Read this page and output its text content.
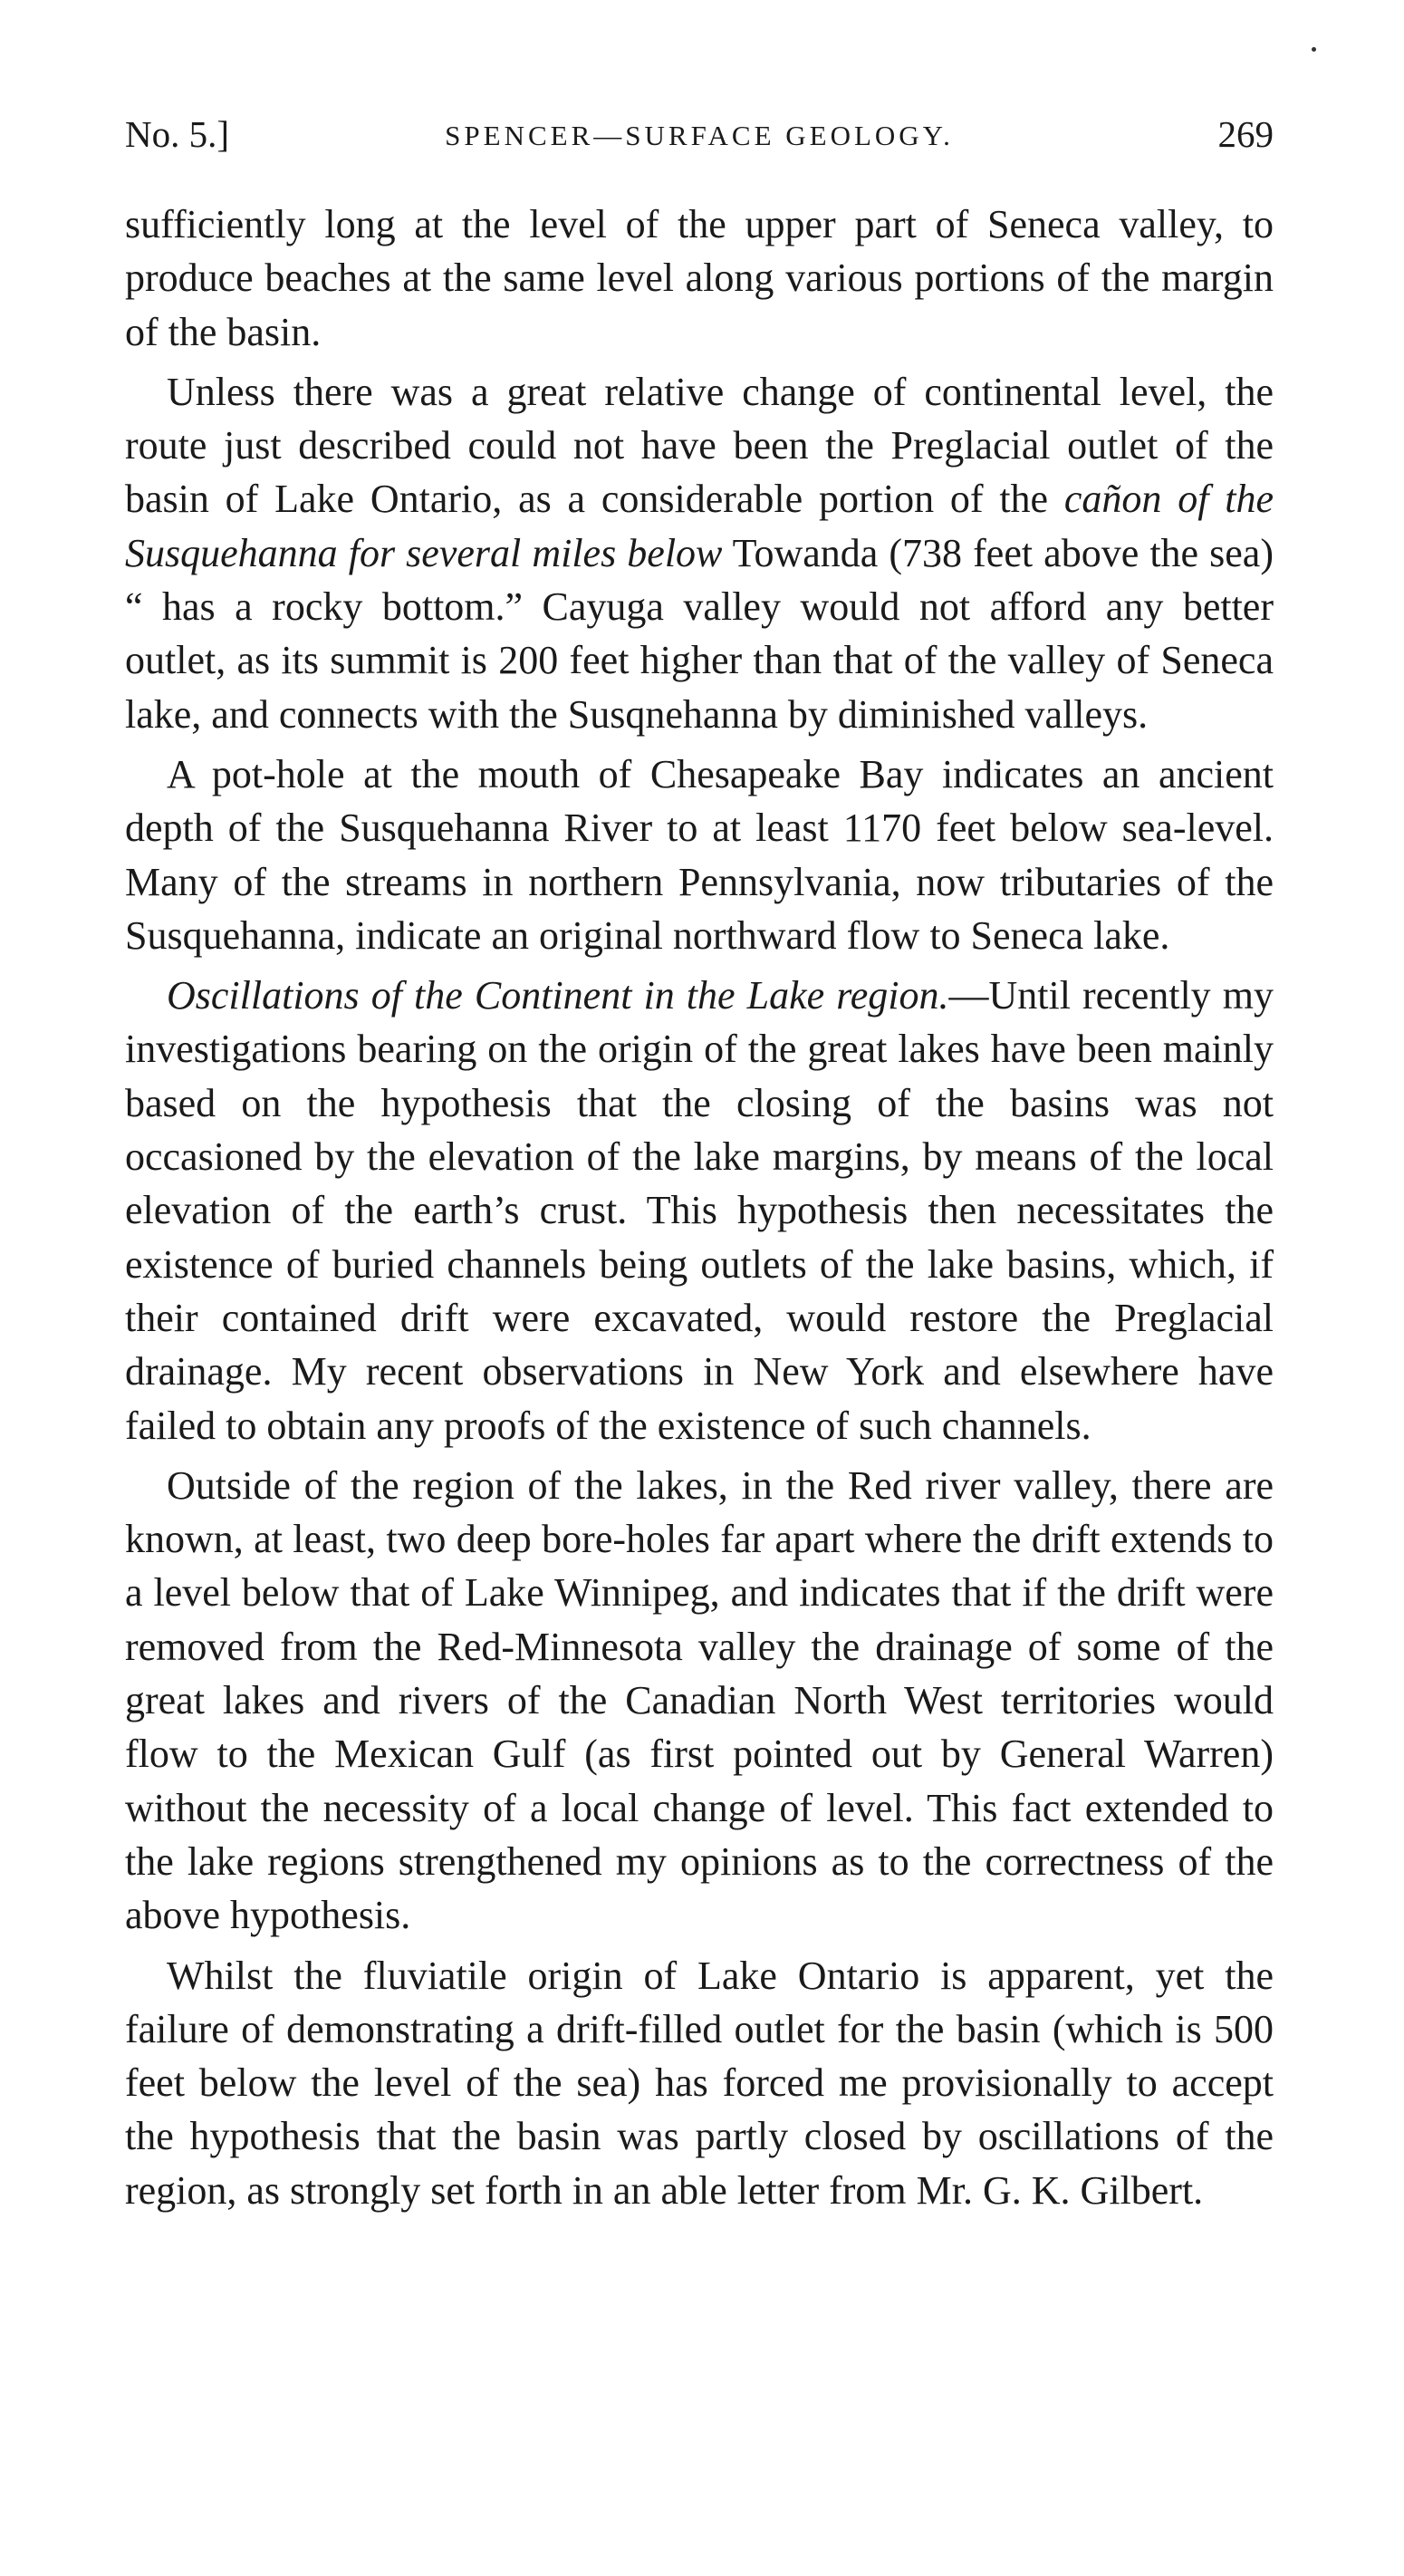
No. 5.]	SPENCER—SURFACE GEOLOGY.	269

sufficiently long at the level of the upper part of Seneca valley, to produce beaches at the same level along various portions of the margin of the basin.

Unless there was a great relative change of continental level, the route just described could not have been the Preglacial outlet of the basin of Lake Ontario, as a considerable portion of the cañon of the Susquehanna for several miles below Towanda (738 feet above the sea) “ has a rocky bottom.” Cayuga valley would not afford any better outlet, as its summit is 200 feet higher than that of the valley of Seneca lake, and connects with the Susqnehanna by diminished valleys.

A pot-hole at the mouth of Chesapeake Bay indicates an ancient depth of the Susquehanna River to at least 1170 feet below sea-level. Many of the streams in northern Pennsylvania, now tributaries of the Susquehanna, indicate an original northward flow to Seneca lake.

Oscillations of the Continent in the Lake region.—Until recently my investigations bearing on the origin of the great lakes have been mainly based on the hypothesis that the closing of the basins was not occasioned by the elevation of the lake margins, by means of the local elevation of the earth’s crust. This hypothesis then necessitates the existence of buried channels being outlets of the lake basins, which, if their contained drift were excavated, would restore the Preglacial drainage. My recent observations in New York and elsewhere have failed to obtain any proofs of the existence of such channels.

Outside of the region of the lakes, in the Red river valley, there are known, at least, two deep bore-holes far apart where the drift extends to a level below that of Lake Winnipeg, and indicates that if the drift were removed from the Red-Minnesota valley the drainage of some of the great lakes and rivers of the Canadian North West territories would flow to the Mexican Gulf (as first pointed out by General Warren) without the necessity of a local change of level. This fact extended to the lake regions strengthened my opinions as to the correctness of the above hypothesis.

Whilst the fluviatile origin of Lake Ontario is apparent, yet the failure of demonstrating a drift-filled outlet for the basin (which is 500 feet below the level of the sea) has forced me provisionally to accept the hypothesis that the basin was partly closed by oscillations of the region, as strongly set forth in an able letter from Mr. G. K. Gilbert.
